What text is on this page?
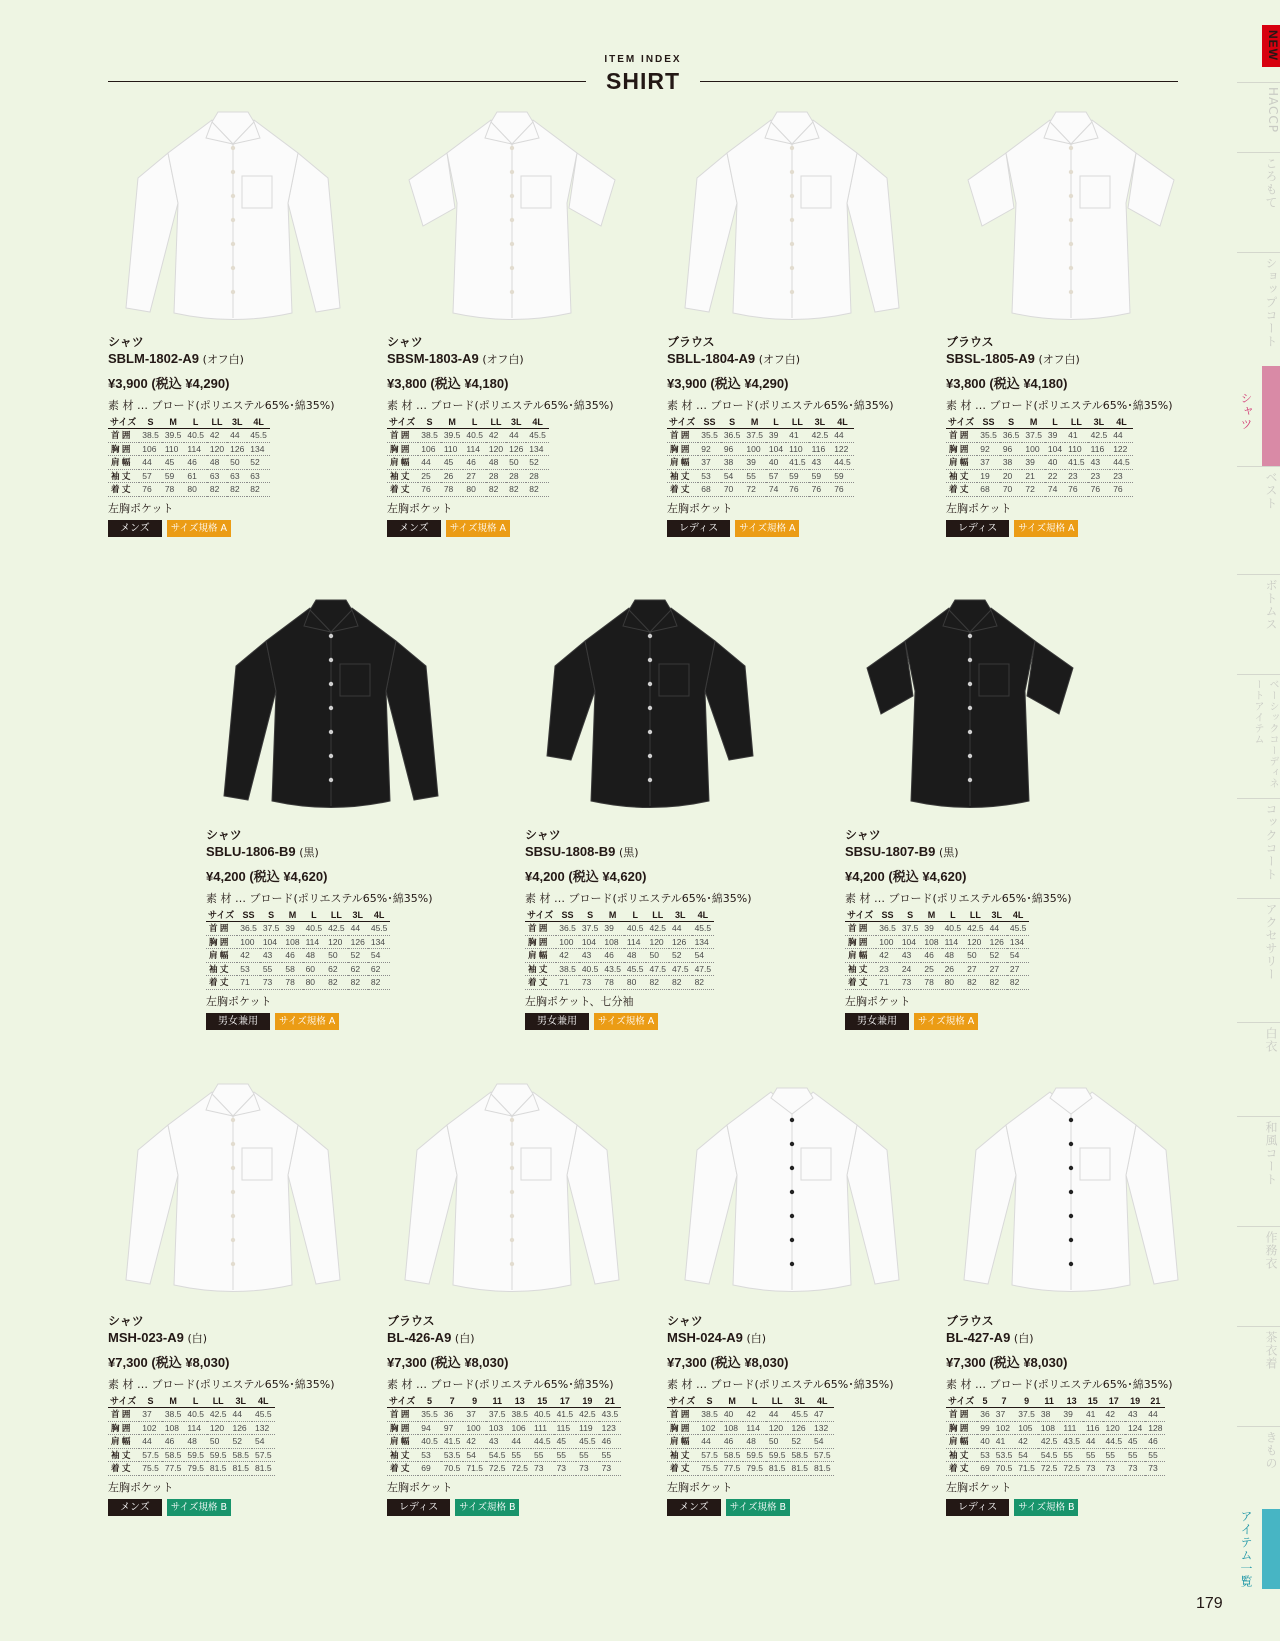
ITEM INDEX
SHIRT
NEW
HACCP
ころもて
ショップコート
シャツ
ベスト
ボトムス
ベーシックコーディネートアイテム
コックコート
アクセサリー
白衣
和風コート
作務衣
茶衣着
きもの
アイテム一覧
179
シャツ
SBLM-1802-A9 (オフ白)
¥3,900 (税込 ¥4,290)
素 材 … ブロード(ポリエステル65%･綿35%)
サイズ	S	M	L	LL	3L	4L
首 囲	38.5	39.5	40.5	42	44	45.5
胸 囲	106	110	114	120	126	134
肩 幅	44	45	46	48	50	52
袖 丈	57	59	61	63	63	63
着 丈	76	78	80	82	82	82
左胸ポケット
メンズ	サイズ規格 A
シャツ
SBSM-1803-A9 (オフ白)
¥3,800 (税込 ¥4,180)
素 材 … ブロード(ポリエステル65%･綿35%)
サイズ	S	M	L	LL	3L	4L
首 囲	38.5	39.5	40.5	42	44	45.5
胸 囲	106	110	114	120	126	134
肩 幅	44	45	46	48	50	52
袖 丈	25	26	27	28	28	28
着 丈	76	78	80	82	82	82
左胸ポケット
メンズ	サイズ規格 A
ブラウス
SBLL-1804-A9 (オフ白)
¥3,900 (税込 ¥4,290)
素 材 … ブロード(ポリエステル65%･綿35%)
サイズ	SS	S	M	L	LL	3L	4L
首 囲	35.5	36.5	37.5	39	41	42.5	44
胸 囲	92	96	100	104	110	116	122
肩 幅	37	38	39	40	41.5	43	44.5
袖 丈	53	54	55	57	59	59	59
着 丈	68	70	72	74	76	76	76
左胸ポケット
レディス	サイズ規格 A
ブラウス
SBSL-1805-A9 (オフ白)
¥3,800 (税込 ¥4,180)
素 材 … ブロード(ポリエステル65%･綿35%)
サイズ	SS	S	M	L	LL	3L	4L
首 囲	35.5	36.5	37.5	39	41	42.5	44
胸 囲	92	96	100	104	110	116	122
肩 幅	37	38	39	40	41.5	43	44.5
袖 丈	19	20	21	22	23	23	23
着 丈	68	70	72	74	76	76	76
左胸ポケット
レディス	サイズ規格 A
シャツ
SBLU-1806-B9 (黒)
¥4,200 (税込 ¥4,620)
素 材 … ブロード(ポリエステル65%･綿35%)
サイズ	SS	S	M	L	LL	3L	4L
首 囲	36.5	37.5	39	40.5	42.5	44	45.5
胸 囲	100	104	108	114	120	126	134
肩 幅	42	43	46	48	50	52	54
袖 丈	53	55	58	60	62	62	62
着 丈	71	73	78	80	82	82	82
左胸ポケット
男女兼用	サイズ規格 A
シャツ
SBSU-1808-B9 (黒)
¥4,200 (税込 ¥4,620)
素 材 … ブロード(ポリエステル65%･綿35%)
サイズ	SS	S	M	L	LL	3L	4L
首 囲	36.5	37.5	39	40.5	42.5	44	45.5
胸 囲	100	104	108	114	120	126	134
肩 幅	42	43	46	48	50	52	54
袖 丈	38.5	40.5	43.5	45.5	47.5	47.5	47.5
着 丈	71	73	78	80	82	82	82
左胸ポケット、七分袖
男女兼用	サイズ規格 A
シャツ
SBSU-1807-B9 (黒)
¥4,200 (税込 ¥4,620)
素 材 … ブロード(ポリエステル65%･綿35%)
サイズ	SS	S	M	L	LL	3L	4L
首 囲	36.5	37.5	39	40.5	42.5	44	45.5
胸 囲	100	104	108	114	120	126	134
肩 幅	42	43	46	48	50	52	54
袖 丈	23	24	25	26	27	27	27
着 丈	71	73	78	80	82	82	82
左胸ポケット
男女兼用	サイズ規格 A
シャツ
MSH-023-A9 (白)
¥7,300 (税込 ¥8,030)
素 材 … ブロード(ポリエステル65%･綿35%)
サイズ	S	M	L	LL	3L	4L
首 囲	37	38.5	40.5	42.5	44	45.5
胸 囲	102	108	114	120	126	132
肩 幅	44	46	48	50	52	54
袖 丈	57.5	58.5	59.5	59.5	58.5	57.5
着 丈	75.5	77.5	79.5	81.5	81.5	81.5
左胸ポケット
メンズ	サイズ規格 B
ブラウス
BL-426-A9 (白)
¥7,300 (税込 ¥8,030)
素 材 … ブロード(ポリエステル65%･綿35%)
サイズ	5	7	9	11	13	15	17	19	21
首 囲	35.5	36	37	37.5	38.5	40.5	41.5	42.5	43.5
胸 囲	94	97	100	103	106	111	115	119	123
肩 幅	40.5	41.5	42	43	44	44.5	45	45.5	46
袖 丈	53	53.5	54	54.5	55	55	55	55	55
着 丈	69	70.5	71.5	72.5	72.5	73	73	73	73
左胸ポケット
レディス	サイズ規格 B
シャツ
MSH-024-A9 (白)
¥7,300 (税込 ¥8,030)
素 材 … ブロード(ポリエステル65%･綿35%)
サイズ	S	M	L	LL	3L	4L
首 囲	38.5	40	42	44	45.5	47
胸 囲	102	108	114	120	126	132
肩 幅	44	46	48	50	52	54
袖 丈	57.5	58.5	59.5	59.5	58.5	57.5
着 丈	75.5	77.5	79.5	81.5	81.5	81.5
左胸ポケット
メンズ	サイズ規格 B
ブラウス
BL-427-A9 (白)
¥7,300 (税込 ¥8,030)
素 材 … ブロード(ポリエステル65%･綿35%)
サイズ	5	7	9	11	13	15	17	19	21
首 囲	36	37	37.5	38	39	41	42	43	44
胸 囲	99	102	105	108	111	116	120	124	128
肩 幅	40	41	42	42.5	43.5	44	44.5	45	46
袖 丈	53	53.5	54	54.5	55	55	55	55	55
着 丈	69	70.5	71.5	72.5	72.5	73	73	73	73
左胸ポケット
レディス	サイズ規格 B
